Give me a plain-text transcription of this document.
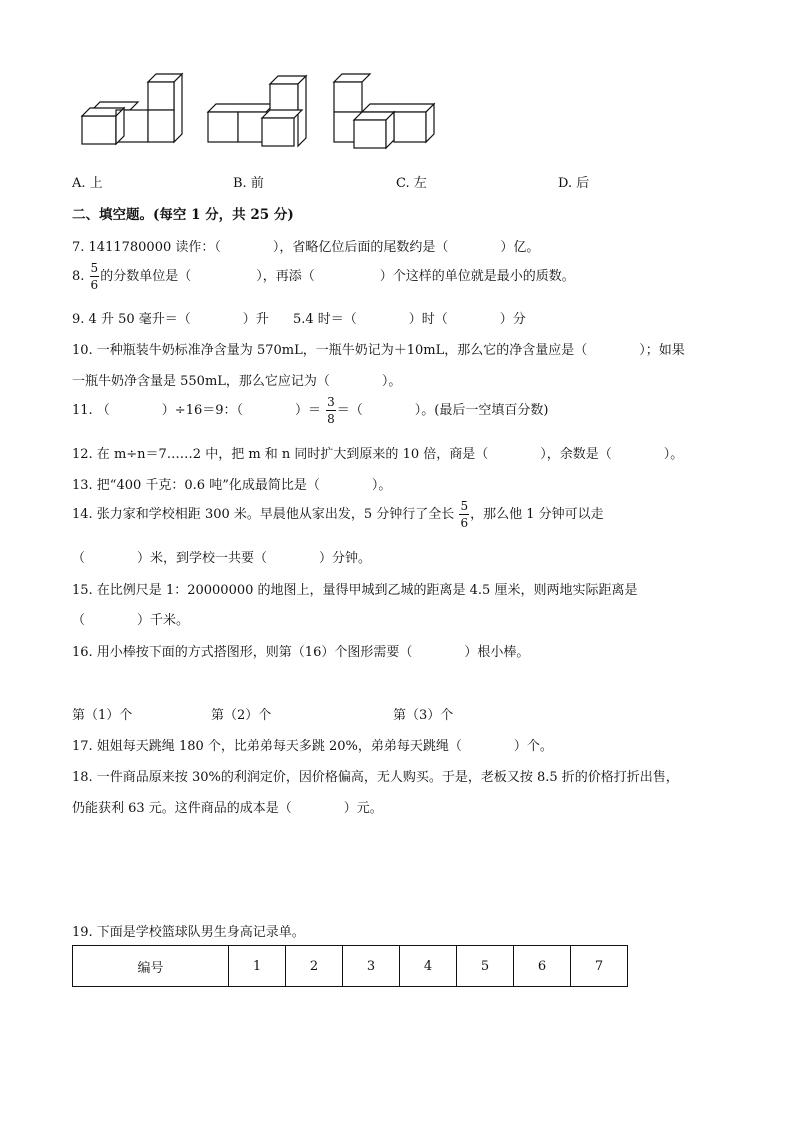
A. 上	B. 前	C. 左	D. 后
二、填空题。(每空 1 分，共 25 分)
7. 1411780000 读作：（　　　　），省略亿位后面的尾数约是（　　　　）亿。
8. $\frac{5}{6}$ 的分数单位是（　　　　　），再添（　　　　　）个这样的单位就是最小的质数。
9. 4 升 50 毫升＝（　　　　）升 5.4 时＝（　　　　）时（　　　　）分
10. 一种瓶装牛奶标准净含量为 570mL，一瓶牛奶记为＋10mL，那么它的净含量应是（　　　　）；如果
一瓶牛奶净含量是 550mL，那么它应记为（　　　　）。
11. （　　　　）÷16＝9：（　　　　）＝ $\frac{3}{8}$ ＝（　　　　）。(最后一空填百分数)
12. 在 m÷n＝7……2 中，把 m 和 n 同时扩大到原来的 10 倍，商是（　　　　），余数是（　　　　）。
13. 把“400 千克：0.6 吨”化成最简比是（　　　　）。
14. 张力家和学校相距 300 米。早晨他从家出发，5 分钟行了全长 $\frac{5}{6}$ ，那么他 1 分钟可以走
（　　　　）米，到学校一共要（　　　　）分钟。
15. 在比例尺是 1：20000000 的地图上，量得甲城到乙城的距离是 4.5 厘米，则两地实际距离是
（　　　　）千米。
16. 用小棒按下面的方式搭图形，则第（16）个图形需要（　　　　）根小棒。
第（1）个	第（2）个	第（3）个
17. 姐姐每天跳绳 180 个，比弟弟每天多跳 20%，弟弟每天跳绳（　　　　）个。
18. 一件商品原来按 30%的利润定价，因价格偏高，无人购买。于是，老板又按 8.5 折的价格打折出售，
仍能获利 63 元。这件商品的成本是（　　　　）元。
19. 下面是学校篮球队男生身高记录单。
编号	1	2	3	4	5	6	7
